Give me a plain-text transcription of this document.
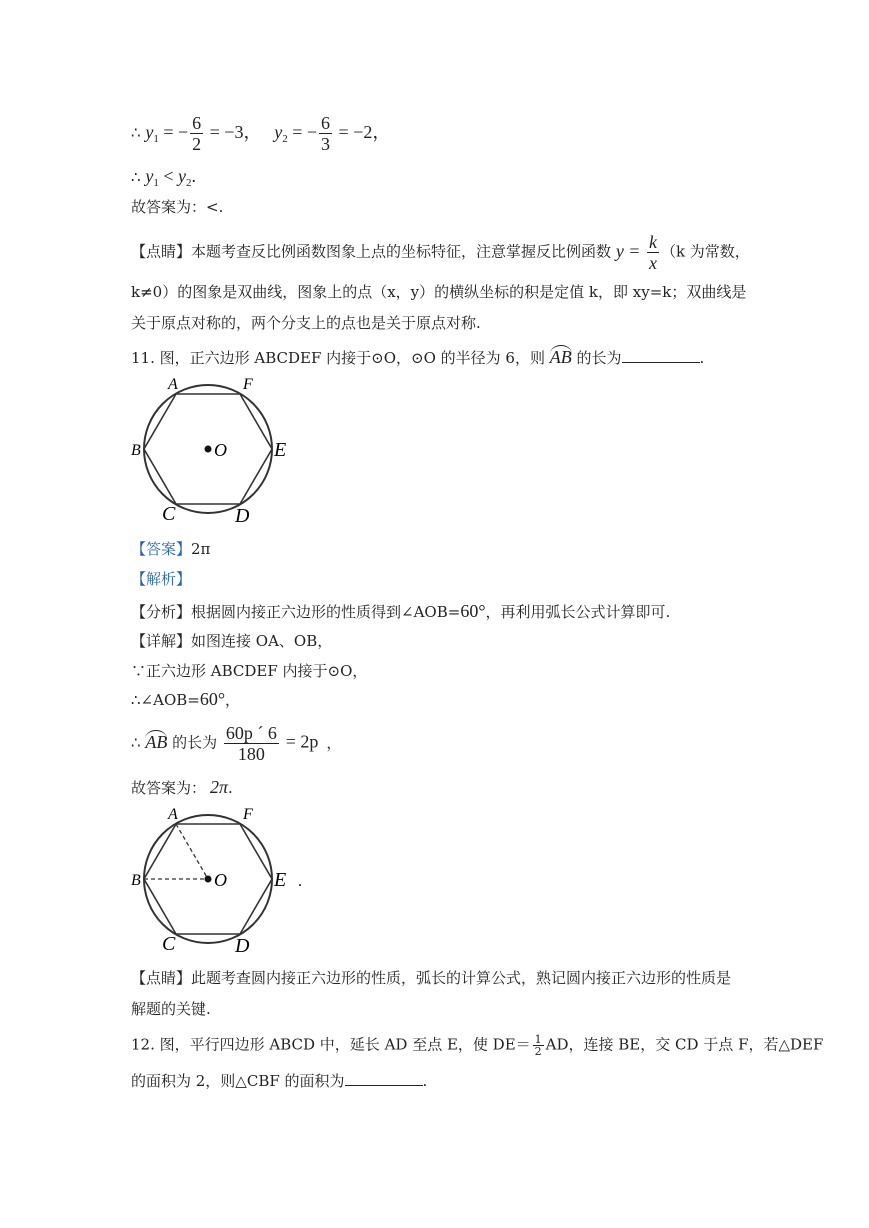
∴ $y_1$ = − $\frac{6}{2} = -3$， $y_2$ = − $\frac{6}{3} = -2$，
∴ $y_1 < y_2$.
故答案为：<.
【点睛】本题考查反比例函数图象上点的坐标特征，注意掌握反比例函数 $y = \frac{k}{x} (k$ 为常数，
k≠0）的图象是双曲线，图象上的点（x，y）的横纵坐标的积是定值 k，即 xy=k；双曲线是
关于原点对称的，两个分支上的点也是关于原点对称.
11. 图，正六边形 ABCDEF 内接于⊙O，⊙O 的半径为 6，则 AB 的长为	.
A	F
B	O E
C	D
【答案】2π
【解析】
【分析】根据圆内接正六边形的性质得到∠AOB=60°，再利用弧长公式计算即可.
【详解】如图连接 OA、OB，
∵正六边形 ABCDEF 内接于⊙O，
∴∠AOB=60°，
∴ AB 的长为 $\frac{60p ´ 6}{180} = 2p$ ，
故答案为： 2π.
A	F
B	O E .
C	D
【点睛】此题考查圆内接正六边形的性质，弧长的计算公式，熟记圆内接正六边形的性质是
解题的关键.
12. 图，平行四边形 ABCD 中，延长 AD 至点 E，使 $DE= \frac{1}{2}$ AD，连接 BE，交 CD 于点 F，若△DEF
的面积为 2，则△CBF 的面积为	.
